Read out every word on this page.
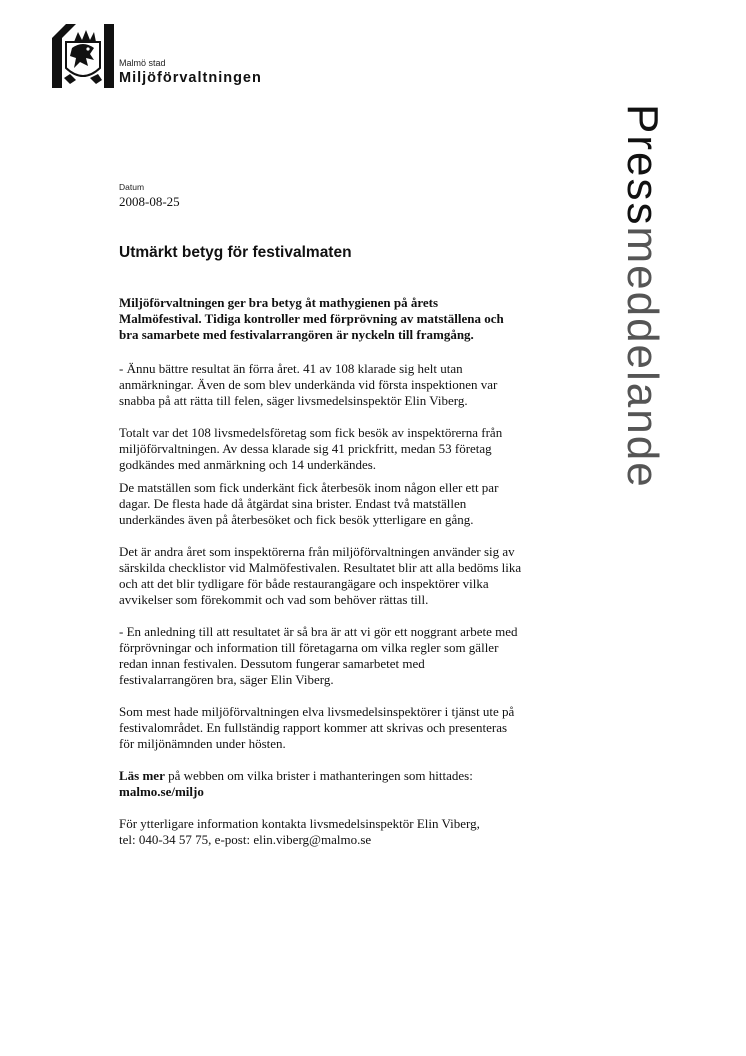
Malmö stad
Miljöförvaltningen
Pressmeddelande
Datum
2008-08-25
Utmärkt betyg för festivalmaten

Miljöförvaltningen ger bra betyg åt mathygienen på årets
Malmöfestival. Tidiga kontroller med förprövning av matställena och
bra samarbete med festivalarrangören är nyckeln till framgång.

- Ännu bättre resultat än förra året. 41 av 108 klarade sig helt utan
anmärkningar. Även de som blev underkända vid första inspektionen var
snabba på att rätta till felen, säger livsmedelsinspektör Elin Viberg.

Totalt var det 108 livsmedelsföretag som fick besök av inspektörerna från
miljöförvaltningen. Av dessa klarade sig 41 prickfritt, medan 53 företag
godkändes med anmärkning och 14 underkändes.

De matställen som fick underkänt fick återbesök inom någon eller ett par
dagar. De flesta hade då åtgärdat sina brister. Endast två matställen
underkändes även på återbesöket och fick besök ytterligare en gång.

Det är andra året som inspektörerna från miljöförvaltningen använder sig av
särskilda checklistor vid Malmöfestivalen. Resultatet blir att alla bedöms lika
och att det blir tydligare för både restaurangägare och inspektörer vilka
avvikelser som förekommit och vad som behöver rättas till.

- En anledning till att resultatet är så bra är att vi gör ett noggrant arbete med
förprövningar och information till företagarna om vilka regler som gäller
redan innan festivalen. Dessutom fungerar samarbetet med
festivalarrangören bra, säger Elin Viberg.

Som mest hade miljöförvaltningen elva livsmedelsinspektörer i tjänst ute på
festivalområdet. En fullständig rapport kommer att skrivas och presenteras
för miljönämnden under hösten.

Läs mer på webben om vilka brister i mathanteringen som hittades:
malmo.se/miljo

För ytterligare information kontakta livsmedelsinspektör Elin Viberg,
tel: 040-34 57 75, e-post: elin.viberg@malmo.se
